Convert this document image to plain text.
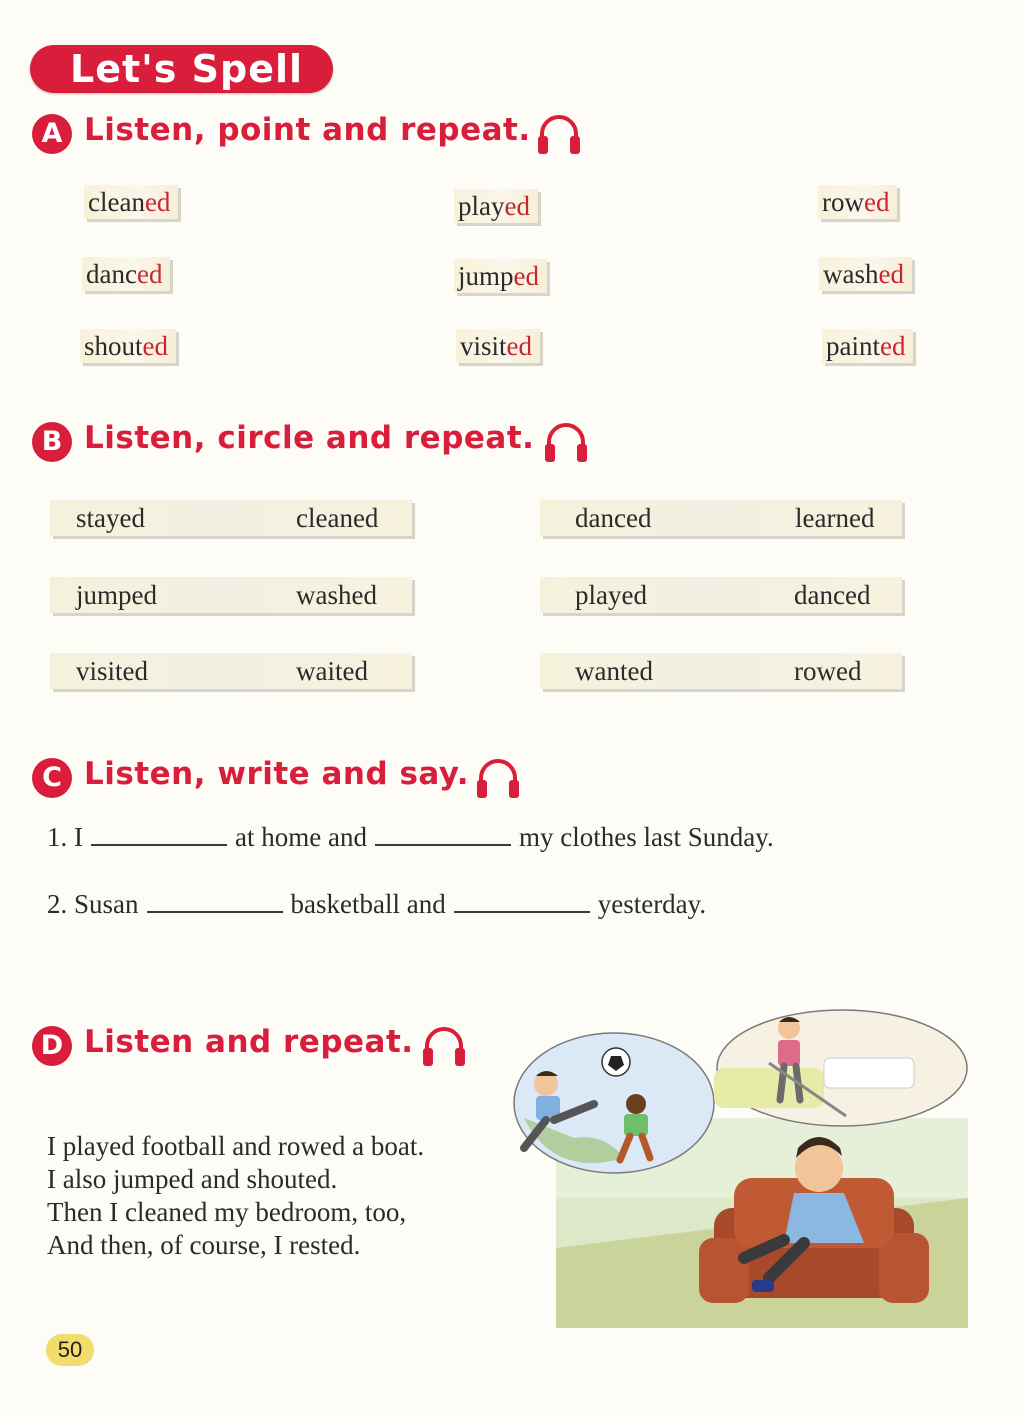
Let's Spell
A Listen, point and repeat.
cleaned	played	rowed
danced	jumped	washed
shouted	visited	painted
B Listen, circle and repeat.
stayed	cleaned	danced	learned
jumped	washed	played	danced
visited	waited	wanted	rowed
C Listen, write and say.
1. I	at home and	my clothes last Sunday.
2. Susan	basketball and	yesterday.
D Listen and repeat.
I played football and rowed a boat.
I also jumped and shouted.
Then I cleaned my bedroom, too,
And then, of course, I rested.
50
